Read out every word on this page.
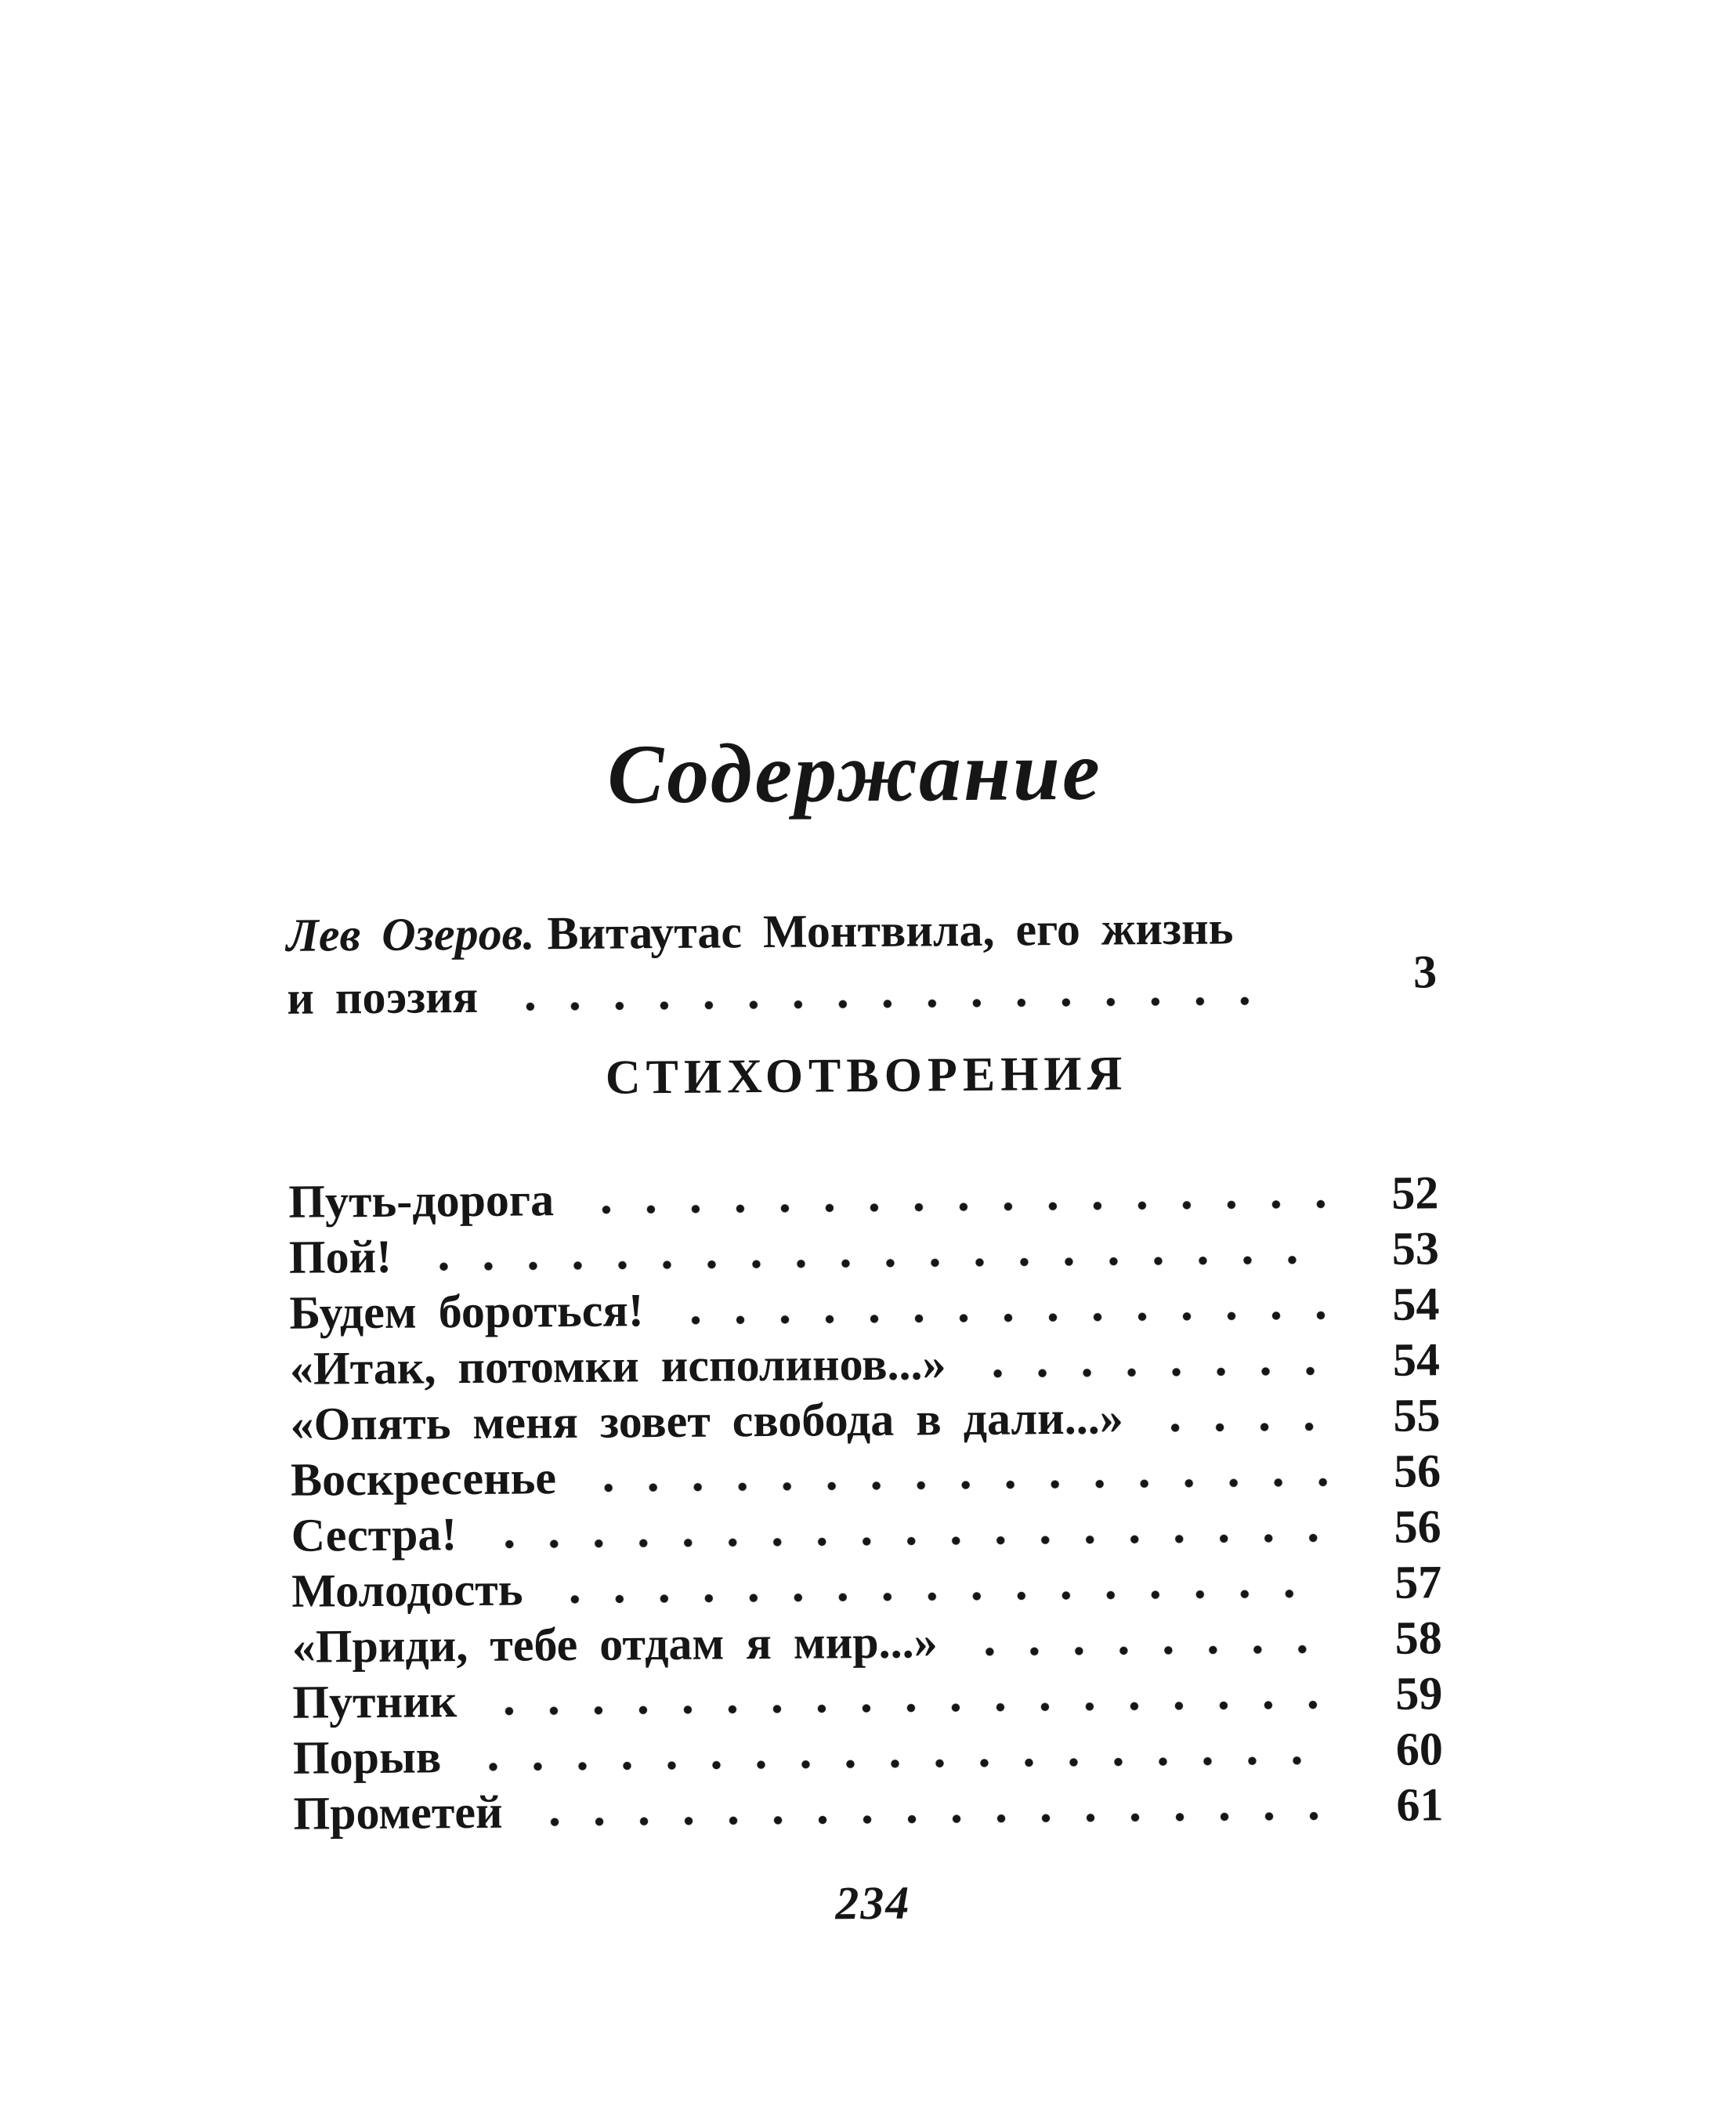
Содержание
Лев Озеров. Витаутас Монтвила, его жизнь
и поэзия	3
СТИХОТВОРЕНИЯ
Путь-дорога	52
Пой!	53
Будем бороться!	54
«Итак, потомки исполинов...»	54
«Опять меня зовет свобода в дали...»	55
Воскресенье	56
Сестра!	56
Молодость	57
«Приди, тебе отдам я мир...»	58
Путник	59
Порыв	60
Прометей	61
234
